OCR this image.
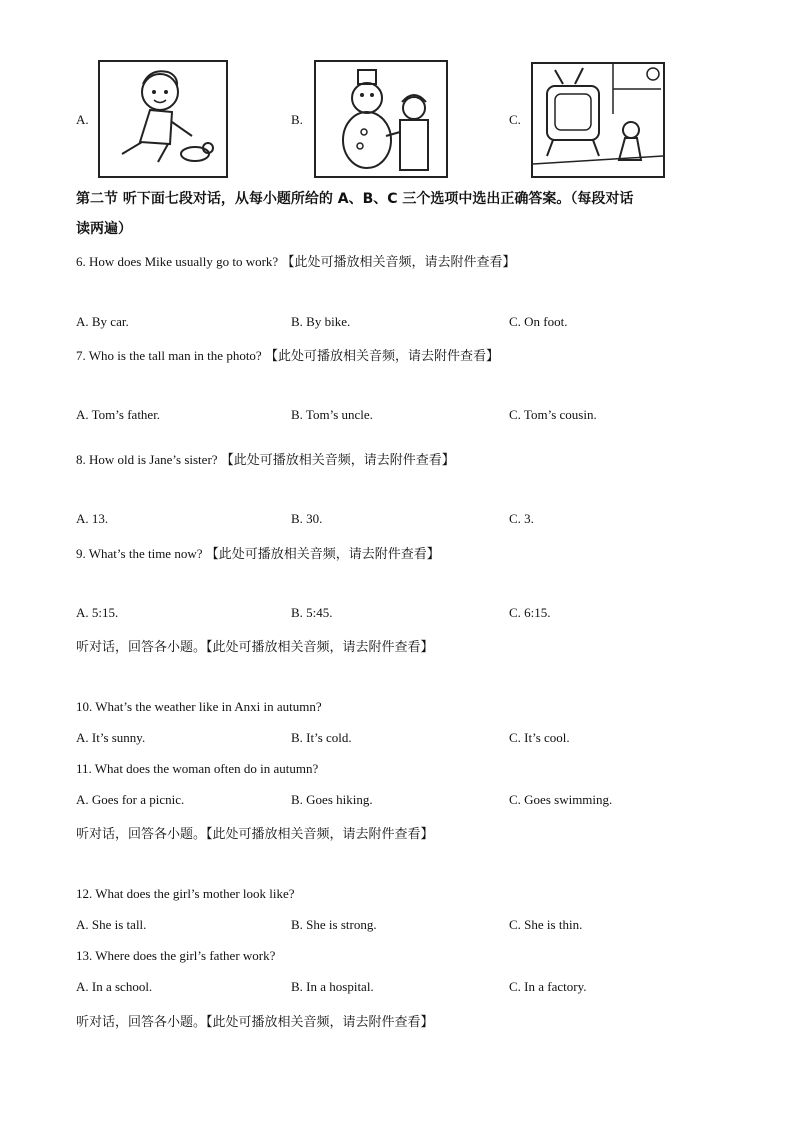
A.	B.	C.
第二节 听下面七段对话，从每小题所给的 A、B、C 三个选项中选出正确答案。（每段对话
读两遍）
6. How does Mike usually go to work? 【此处可播放相关音频，请去附件查看】
A. By car.	B. By bike.	C. On foot.
7. Who is the tall man in the photo? 【此处可播放相关音频，请去附件查看】
A. Tom’s father.	B. Tom’s uncle.	C. Tom’s cousin.
8. How old is Jane’s sister? 【此处可播放相关音频，请去附件查看】
A. 13.	B. 30.	C. 3.
9. What’s the time now? 【此处可播放相关音频，请去附件查看】
A. 5:15.	B. 5:45.	C. 6:15.
听对话，回答各小题。【此处可播放相关音频，请去附件查看】
10. What’s the weather like in Anxi in autumn?
A. It’s sunny.	B. It’s cold.	C. It’s cool.
11. What does the woman often do in autumn?
A. Goes for a picnic.	B. Goes hiking.	C. Goes swimming.
听对话，回答各小题。【此处可播放相关音频，请去附件查看】
12. What does the girl’s mother look like?
A. She is tall.	B. She is strong.	C. She is thin.
13. Where does the girl’s father work?
A. In a school.	B. In a hospital.	C. In a factory.
听对话，回答各小题。【此处可播放相关音频，请去附件查看】
